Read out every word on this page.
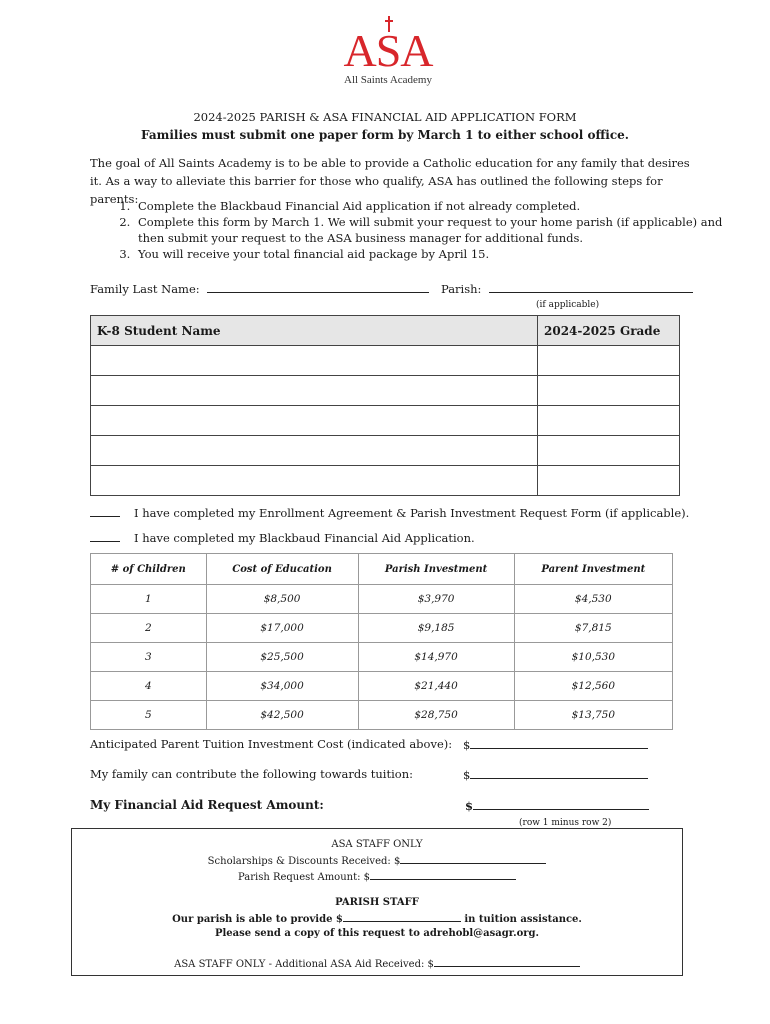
ASA
All Saints Academy
2024-2025 PARISH & ASA FINANCIAL AID APPLICATION FORM
Families must submit one paper form by March 1 to either school office.
The goal of All Saints Academy is to be able to provide a Catholic education for any family that desires it. As a way to alleviate this barrier for those who qualify, ASA has outlined the following steps for parents: 1. Complete the Blackbaud Financial Aid application if not already completed.
2. Complete this form by March 1. We will submit your request to your home parish (if applicable) and then submit your request to the ASA business manager for additional funds.
3. You will receive your total financial aid package by April 15.
Family Last Name:	Parish:
(if applicable)
K-8 Student Name	2024-2025 Grade

I have completed my Enrollment Agreement & Parish Investment Request Form (if applicable).
I have completed my Blackbaud Financial Aid Application.
# of Children	Cost of Education	Parish Investment	Parent Investment
1	$8,500	$3,970	$4,530
2	$17,000	$9,185	$7,815
3	$25,500	$14,970	$10,530
4	$34,000	$21,440	$12,560
5	$42,500	$28,750	$13,750
Anticipated Parent Tuition Investment Cost (indicated above): $
My family can contribute the following towards tuition:	$
My Financial Aid Request Amount:	$
(row 1 minus row 2)
ASA STAFF ONLY
Scholarships & Discounts Received: $
Parish Request Amount: $
PARISH STAFF
Our parish is able to provide $	in tuition assistance.
Please send a copy of this request to adrehobl@asagr.org.
ASA STAFF ONLY - Additional ASA Aid Received: $
